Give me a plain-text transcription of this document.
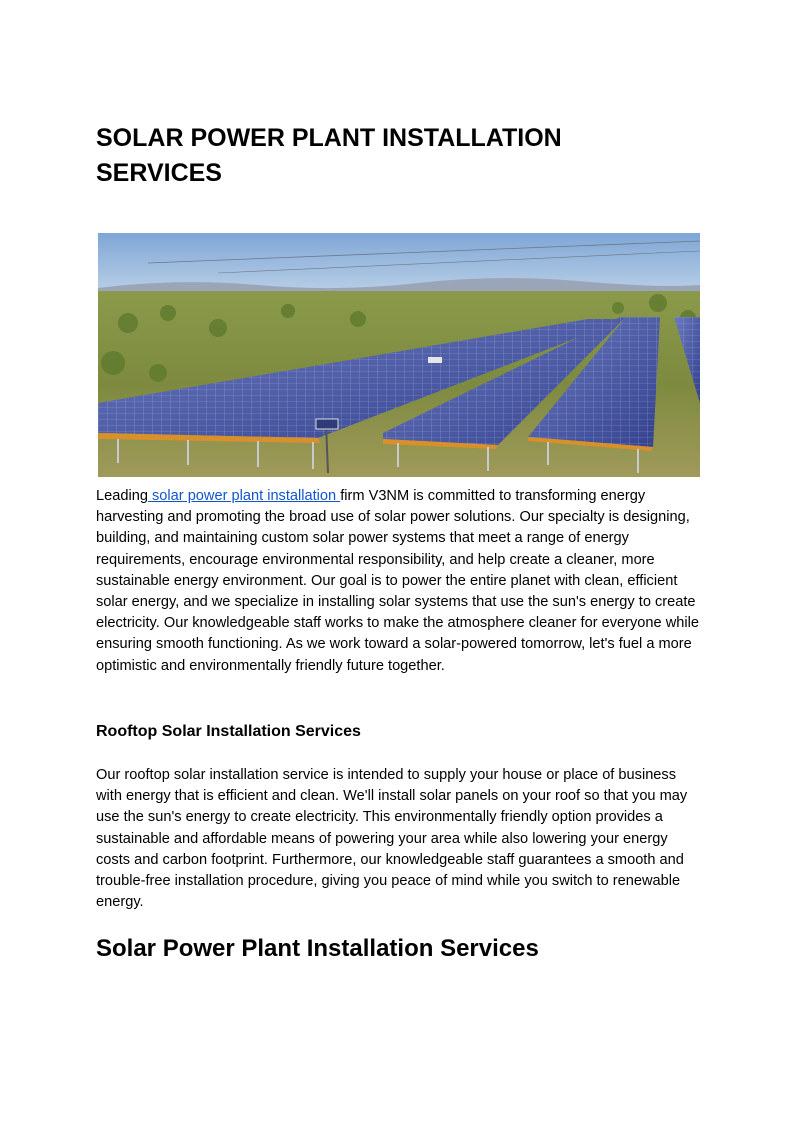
SOLAR POWER PLANT INSTALLATION SERVICES

Leading solar power plant installation firm V3NM is committed to transforming energy harvesting and promoting the broad use of solar power solutions. Our specialty is designing, building, and maintaining custom solar power systems that meet a range of energy requirements, encourage environmental responsibility, and help create a cleaner, more sustainable energy environment. Our goal is to power the entire planet with clean, efficient solar energy, and we specialize in installing solar systems that use the sun's energy to create electricity. Our knowledgeable staff works to make the atmosphere cleaner for everyone while ensuring smooth functioning. As we work toward a solar-powered tomorrow, let's fuel a more optimistic and environmentally friendly future together.

Rooftop Solar Installation Services

Our rooftop solar installation service is intended to supply your house or place of business with energy that is efficient and clean. We'll install solar panels on your roof so that you may use the sun's energy to create electricity. This environmentally friendly option provides a sustainable and affordable means of powering your area while also lowering your energy costs and carbon footprint. Furthermore, our knowledgeable staff guarantees a smooth and trouble-free installation procedure, giving you peace of mind while you switch to renewable energy.

Solar Power Plant Installation Services
